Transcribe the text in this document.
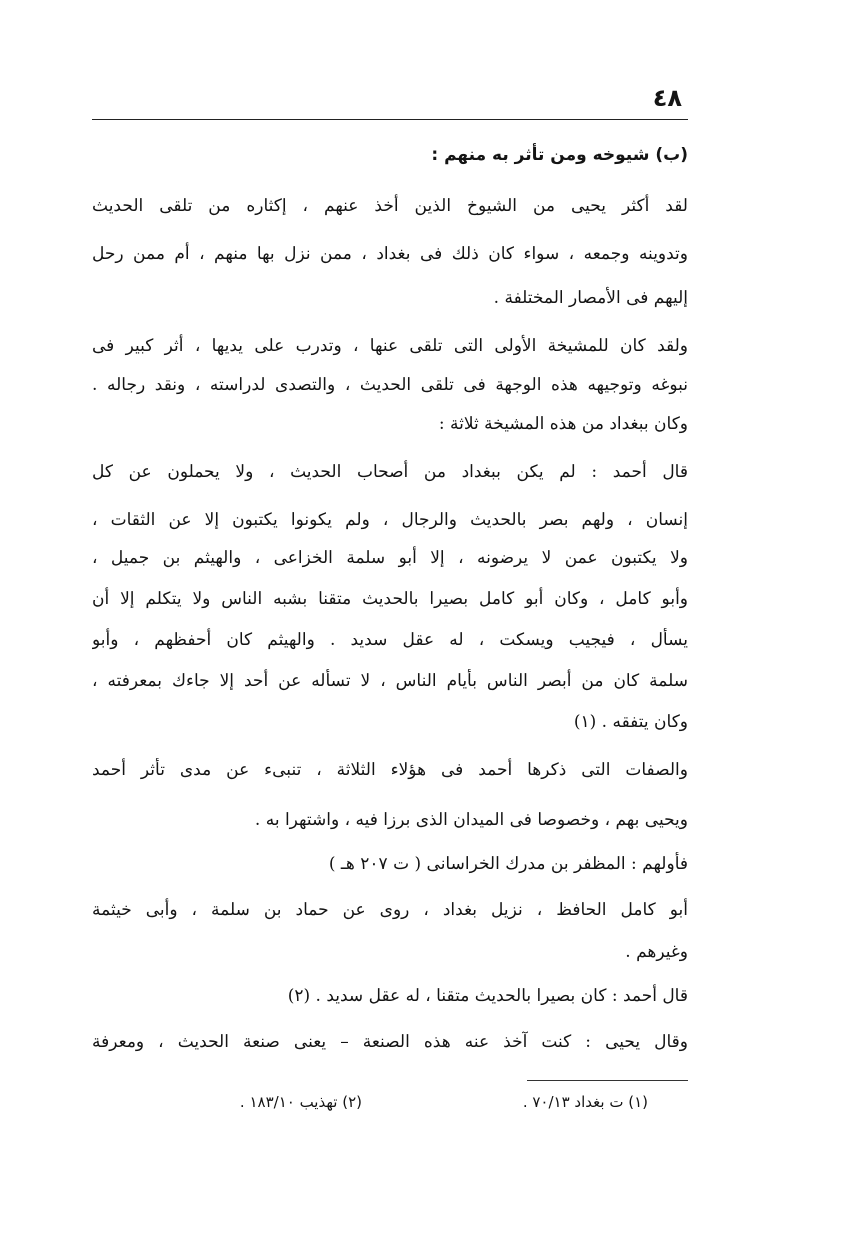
٤٨
(ب) شيوخه ومن تأثر به منهم :
لقد أكثر يحيى من الشيوخ الذين أخذ عنهم ، إكثاره من تلقى الحديث
وتدوينه وجمعه ، سواء كان ذلك فى بغداد ، ممن نزل بها منهم ، أم ممن رحل
إليهم فى الأمصار المختلفة .
ولقد كان للمشيخة الأولى التى تلقى عنها ، وتدرب على يديها ، أثر كبير فى
نبوغه وتوجيهه هذه الوجهة فى تلقى الحديث ، والتصدى لدراسته ، ونقد رجاله .
وكان ببغداد من هذه المشيخة ثلاثة :
قال أحمد : لم يكن ببغداد من أصحاب الحديث ، ولا يحملون عن كل
إنسان ، ولهم بصر بالحديث والرجال ، ولم يكونوا يكتبون إلا عن الثقات ،
ولا يكتبون عمن لا يرضونه ، إلا أبو سلمة الخزاعى ، والهيثم بن جميل ،
وأبو كامل ، وكان أبو كامل بصيرا بالحديث متقنا بشبه الناس ولا يتكلم إلا أن
يسأل ، فيجيب ويسكت ، له عقل سديد . والهيثم كان أحفظهم ، وأبو
سلمة كان من أبصر الناس بأيام الناس ، لا تسأله عن أحد إلا جاءك بمعرفته ،
وكان يتفقه . (١)
والصفات التى ذكرها أحمد فى هؤلاء الثلاثة ، تنبىء عن مدى تأثر أحمد
ويحيى بهم ، وخصوصا فى الميدان الذى برزا فيه ، واشتهرا به .
فأولهم : المظفر بن مدرك الخراسانى ( ت ٢٠٧ هـ )
أبو كامل الحافظ ، نزيل بغداد ، روى عن حماد بن سلمة ، وأبى خيثمة
وغيرهم .
قال أحمد : كان بصيرا بالحديث متقنا ، له عقل سديد . (٢)
وقال يحيى : كنت آخذ عنه هذه الصنعة – يعنى صنعة الحديث ، ومعرفة
(١) ت بغداد ٧٠/١٣ .
(٢) تهذيب ١٨٣/١٠ .
